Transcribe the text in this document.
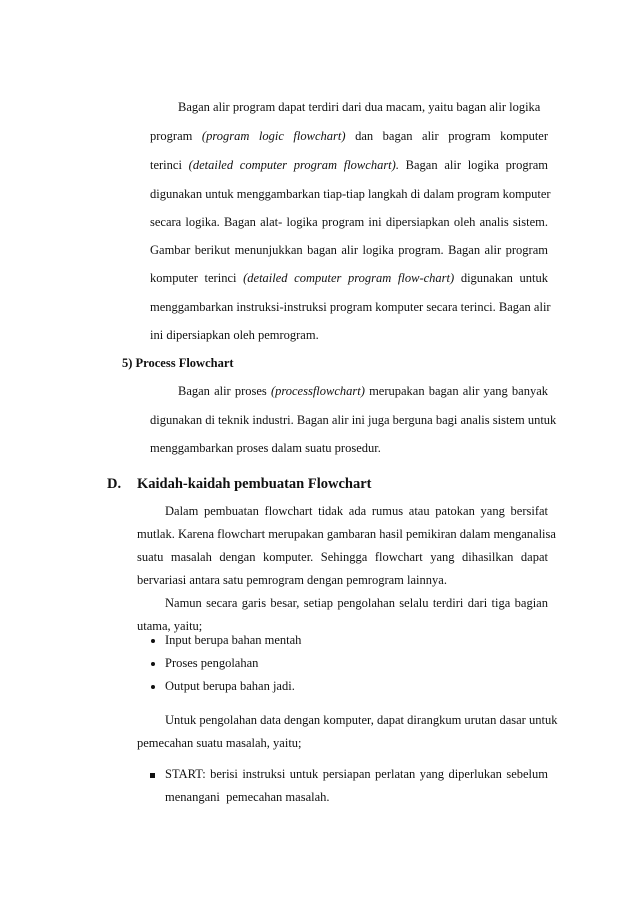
Bagan alir program dapat terdiri dari dua macam, yaitu bagan alir logika
program (program logic flowchart) dan bagan alir program komputer
terinci (detailed computer program flowchart). Bagan alir logika program
digunakan untuk menggambarkan tiap-tiap langkah di dalam program komputer
secara logika. Bagan alat- logika program ini dipersiapkan oleh analis sistem.
Gambar berikut menunjukkan bagan alir logika program. Bagan alir program
komputer terinci (detailed computer program flow-chart) digunakan untuk
menggambarkan instruksi-instruksi program komputer secara terinci. Bagan alir
ini dipersiapkan oleh pemrogram.
5) Process Flowchart
Bagan alir proses (processflowchart) merupakan bagan alir yang banyak
digunakan di teknik industri. Bagan alir ini juga berguna bagi analis sistem untuk
menggambarkan proses dalam suatu prosedur.
D. Kaidah-kaidah pembuatan Flowchart
Dalam pembuatan flowchart tidak ada rumus atau patokan yang bersifat
mutlak. Karena flowchart merupakan gambaran hasil pemikiran dalam menganalisa
suatu masalah dengan komputer. Sehingga flowchart yang dihasilkan dapat
bervariasi antara satu pemrogram dengan pemrogram lainnya.
Namun secara garis besar, setiap pengolahan selalu terdiri dari tiga bagian
utama, yaitu;
Input berupa bahan mentah
Proses pengolahan
Output berupa bahan jadi.
Untuk pengolahan data dengan komputer, dapat dirangkum urutan dasar untuk
pemecahan suatu masalah, yaitu;
START: berisi instruksi untuk persiapan perlatan yang diperlukan sebelum
menangani  pemecahan masalah.
